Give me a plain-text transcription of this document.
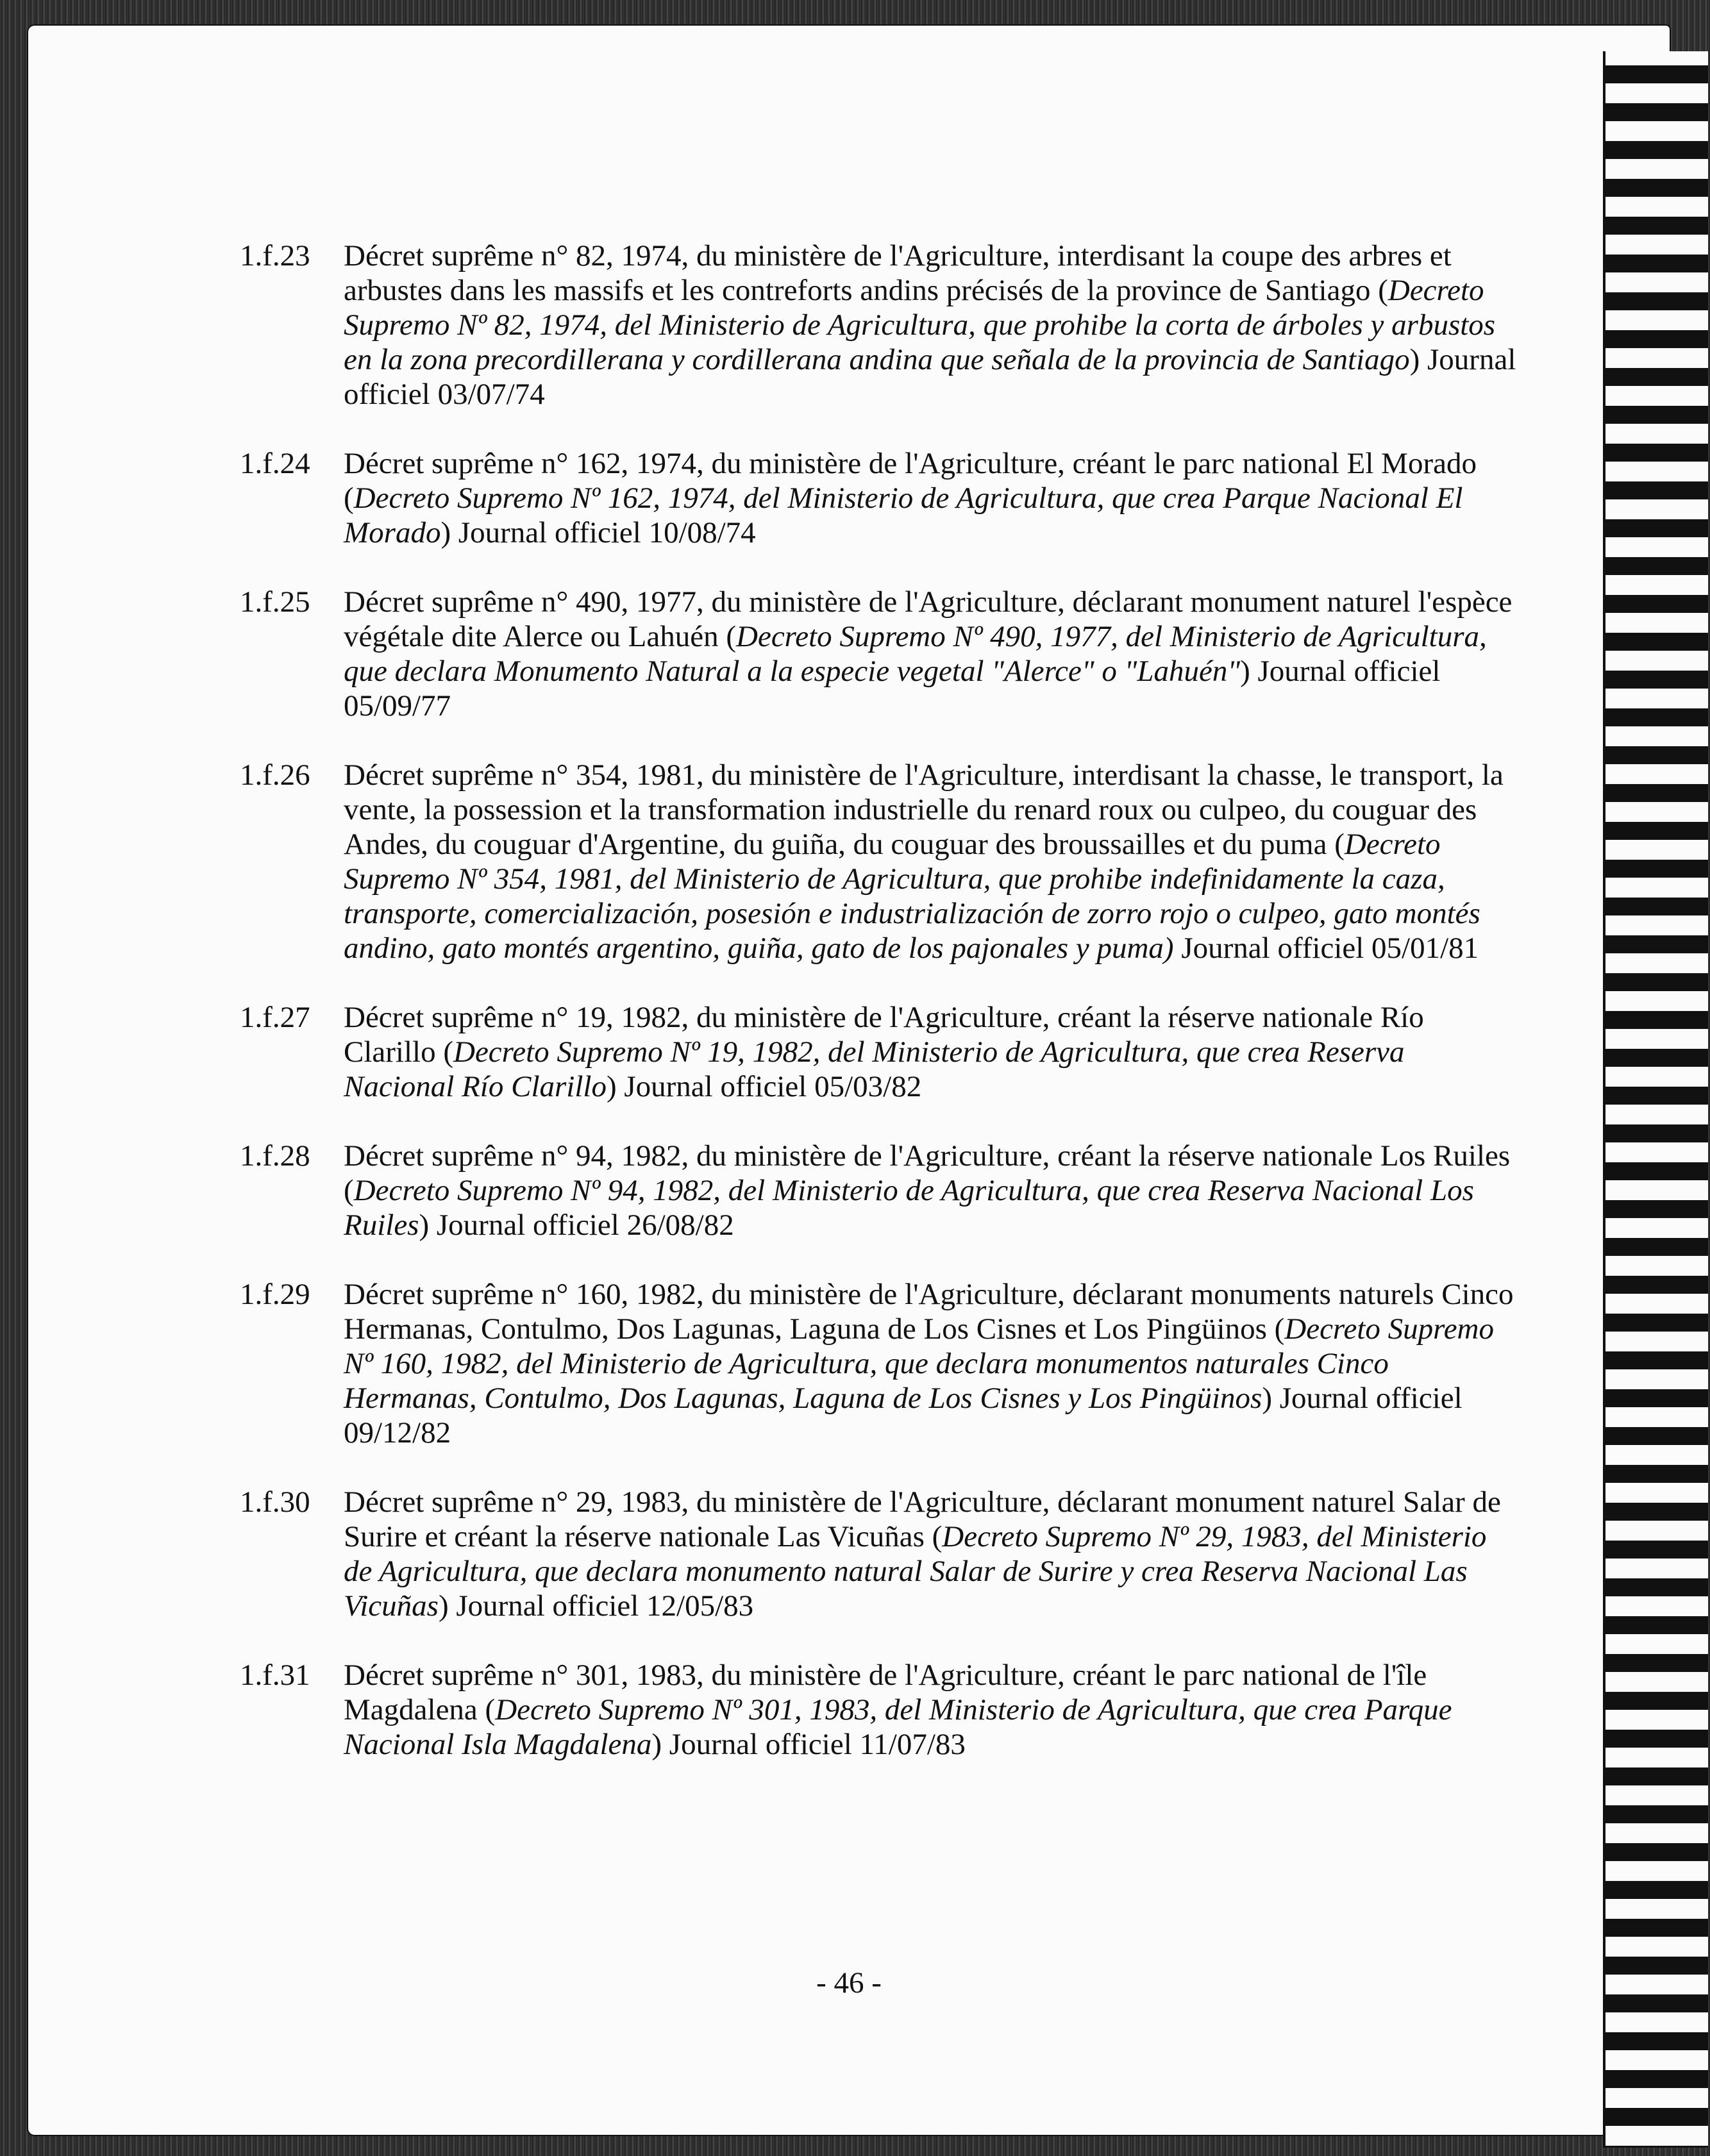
1.f.23	Décret suprême n° 82, 1974, du ministère de l'Agriculture, interdisant la coupe des arbres et arbustes dans les massifs et les contreforts andins précisés de la province de Santiago (Decreto Supremo Nº 82, 1974, del Ministerio de Agricultura, que prohibe la corta de árboles y arbustos en la zona precordillerana y cordillerana andina que señala de la provincia de Santiago) Journal officiel 03/07/74
1.f.24	Décret suprême n° 162, 1974, du ministère de l'Agriculture, créant le parc national El Morado (Decreto Supremo Nº 162, 1974, del Ministerio de Agricultura, que crea Parque Nacional El Morado) Journal officiel 10/08/74
1.f.25	Décret suprême n° 490, 1977, du ministère de l'Agriculture, déclarant monument naturel l'espèce végétale dite Alerce ou Lahuén (Decreto Supremo Nº 490, 1977, del Ministerio de Agricultura, que declara Monumento Natural a la especie vegetal "Alerce" o "Lahuén") Journal officiel 05/09/77
1.f.26	Décret suprême n° 354, 1981, du ministère de l'Agriculture, interdisant la chasse, le transport, la vente, la possession et la transformation industrielle du renard roux ou culpeo, du couguar des Andes, du couguar d'Argentine, du guiña, du couguar des broussailles et du puma (Decreto Supremo Nº 354, 1981, del Ministerio de Agricultura, que prohibe indefinidamente la caza, transporte, comercialización, posesión e industrialización de zorro rojo o culpeo, gato montés andino, gato montés argentino, guiña, gato de los pajonales y puma) Journal officiel 05/01/81
1.f.27	Décret suprême n° 19, 1982, du ministère de l'Agriculture, créant la réserve nationale Río Clarillo (Decreto Supremo Nº 19, 1982, del Ministerio de Agricultura, que crea Reserva Nacional Río Clarillo) Journal officiel 05/03/82
1.f.28	Décret suprême n° 94, 1982, du ministère de l'Agriculture, créant la réserve nationale Los Ruiles (Decreto Supremo Nº 94, 1982, del Ministerio de Agricultura, que crea Reserva Nacional Los Ruiles) Journal officiel 26/08/82
1.f.29	Décret suprême n° 160, 1982, du ministère de l'Agriculture, déclarant monuments naturels Cinco Hermanas, Contulmo, Dos Lagunas, Laguna de Los Cisnes et Los Pingüinos (Decreto Supremo Nº 160, 1982, del Ministerio de Agricultura, que declara monumentos naturales Cinco Hermanas, Contulmo, Dos Lagunas, Laguna de Los Cisnes y Los Pingüinos) Journal officiel 09/12/82
1.f.30	Décret suprême n° 29, 1983, du ministère de l'Agriculture, déclarant monument naturel Salar de Surire et créant la réserve nationale Las Vicuñas (Decreto Supremo Nº 29, 1983, del Ministerio de Agricultura, que declara monumento natural Salar de Surire y crea Reserva Nacional Las Vicuñas) Journal officiel 12/05/83
1.f.31	Décret suprême n° 301, 1983, du ministère de l'Agriculture, créant le parc national de l'île Magdalena (Decreto Supremo Nº 301, 1983, del Ministerio de Agricultura, que crea Parque Nacional Isla Magdalena) Journal officiel 11/07/83
- 46 -
